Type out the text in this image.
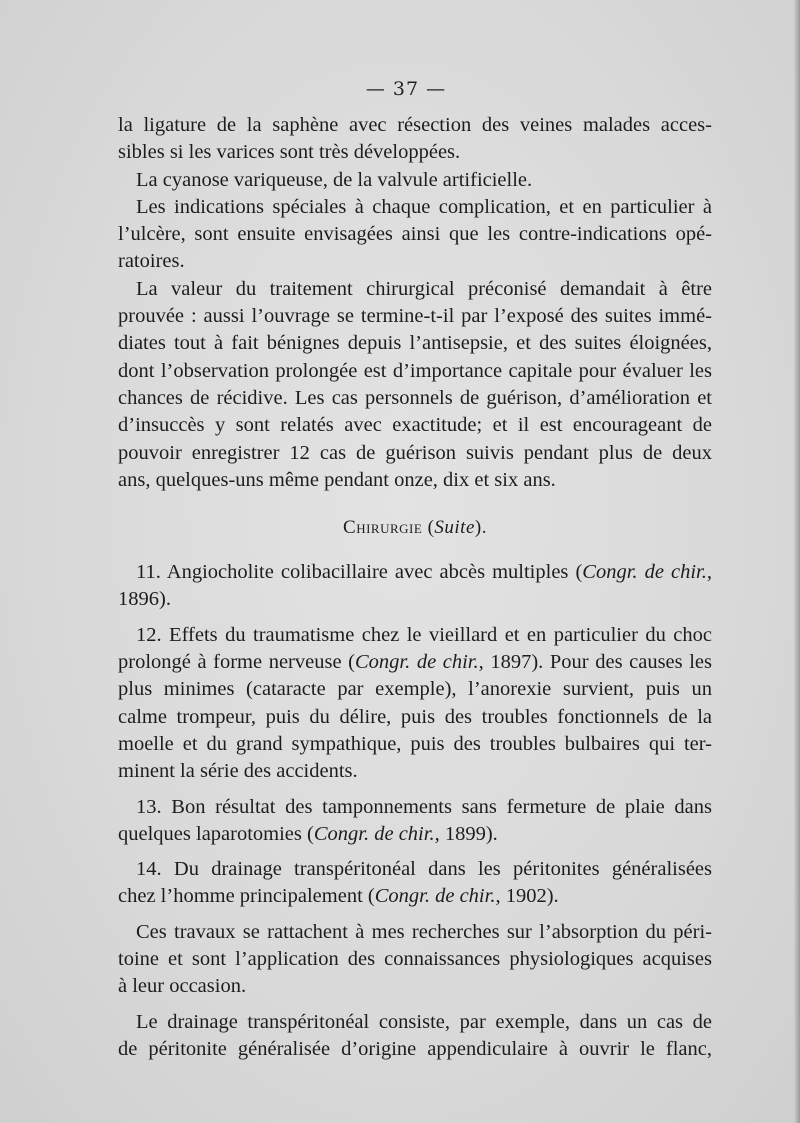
— 37 —
la ligature de la saphène avec résection des veines malades acces-
sibles si les varices sont très développées.
La cyanose variqueuse, de la valvule artificielle.
Les indications spéciales à chaque complication, et en particulier à
l’ulcère, sont ensuite envisagées ainsi que les contre-indications opé-
ratoires.
La valeur du traitement chirurgical préconisé demandait à être
prouvée : aussi l’ouvrage se termine-t-il par l’exposé des suites immé-
diates tout à fait bénignes depuis l’antisepsie, et des suites éloignées,
dont l’observation prolongée est d’importance capitale pour évaluer les
chances de récidive. Les cas personnels de guérison, d’amélioration et
d’insuccès y sont relatés avec exactitude; et il est encourageant de
pouvoir enregistrer 12 cas de guérison suivis pendant plus de deux
ans, quelques-uns même pendant onze, dix et six ans.
Chirurgie (Suite).
11. Angiocholite colibacillaire avec abcès multiples (Congr. de chir.,
1896).
12. Effets du traumatisme chez le vieillard et en particulier du choc
prolongé à forme nerveuse (Congr. de chir., 1897). Pour des causes les
plus minimes (cataracte par exemple), l’anorexie survient, puis un
calme trompeur, puis du délire, puis des troubles fonctionnels de la
moelle et du grand sympathique, puis des troubles bulbaires qui ter-
minent la série des accidents.
13. Bon résultat des tamponnements sans fermeture de plaie dans
quelques laparotomies (Congr. de chir., 1899).
14. Du drainage transpéritonéal dans les péritonites généralisées
chez l’homme principalement (Congr. de chir., 1902).
Ces travaux se rattachent à mes recherches sur l’absorption du péri-
toine et sont l’application des connaissances physiologiques acquises
à leur occasion.
Le drainage transpéritonéal consiste, par exemple, dans un cas de
de péritonite généralisée d’origine appendiculaire à ouvrir le flanc,
